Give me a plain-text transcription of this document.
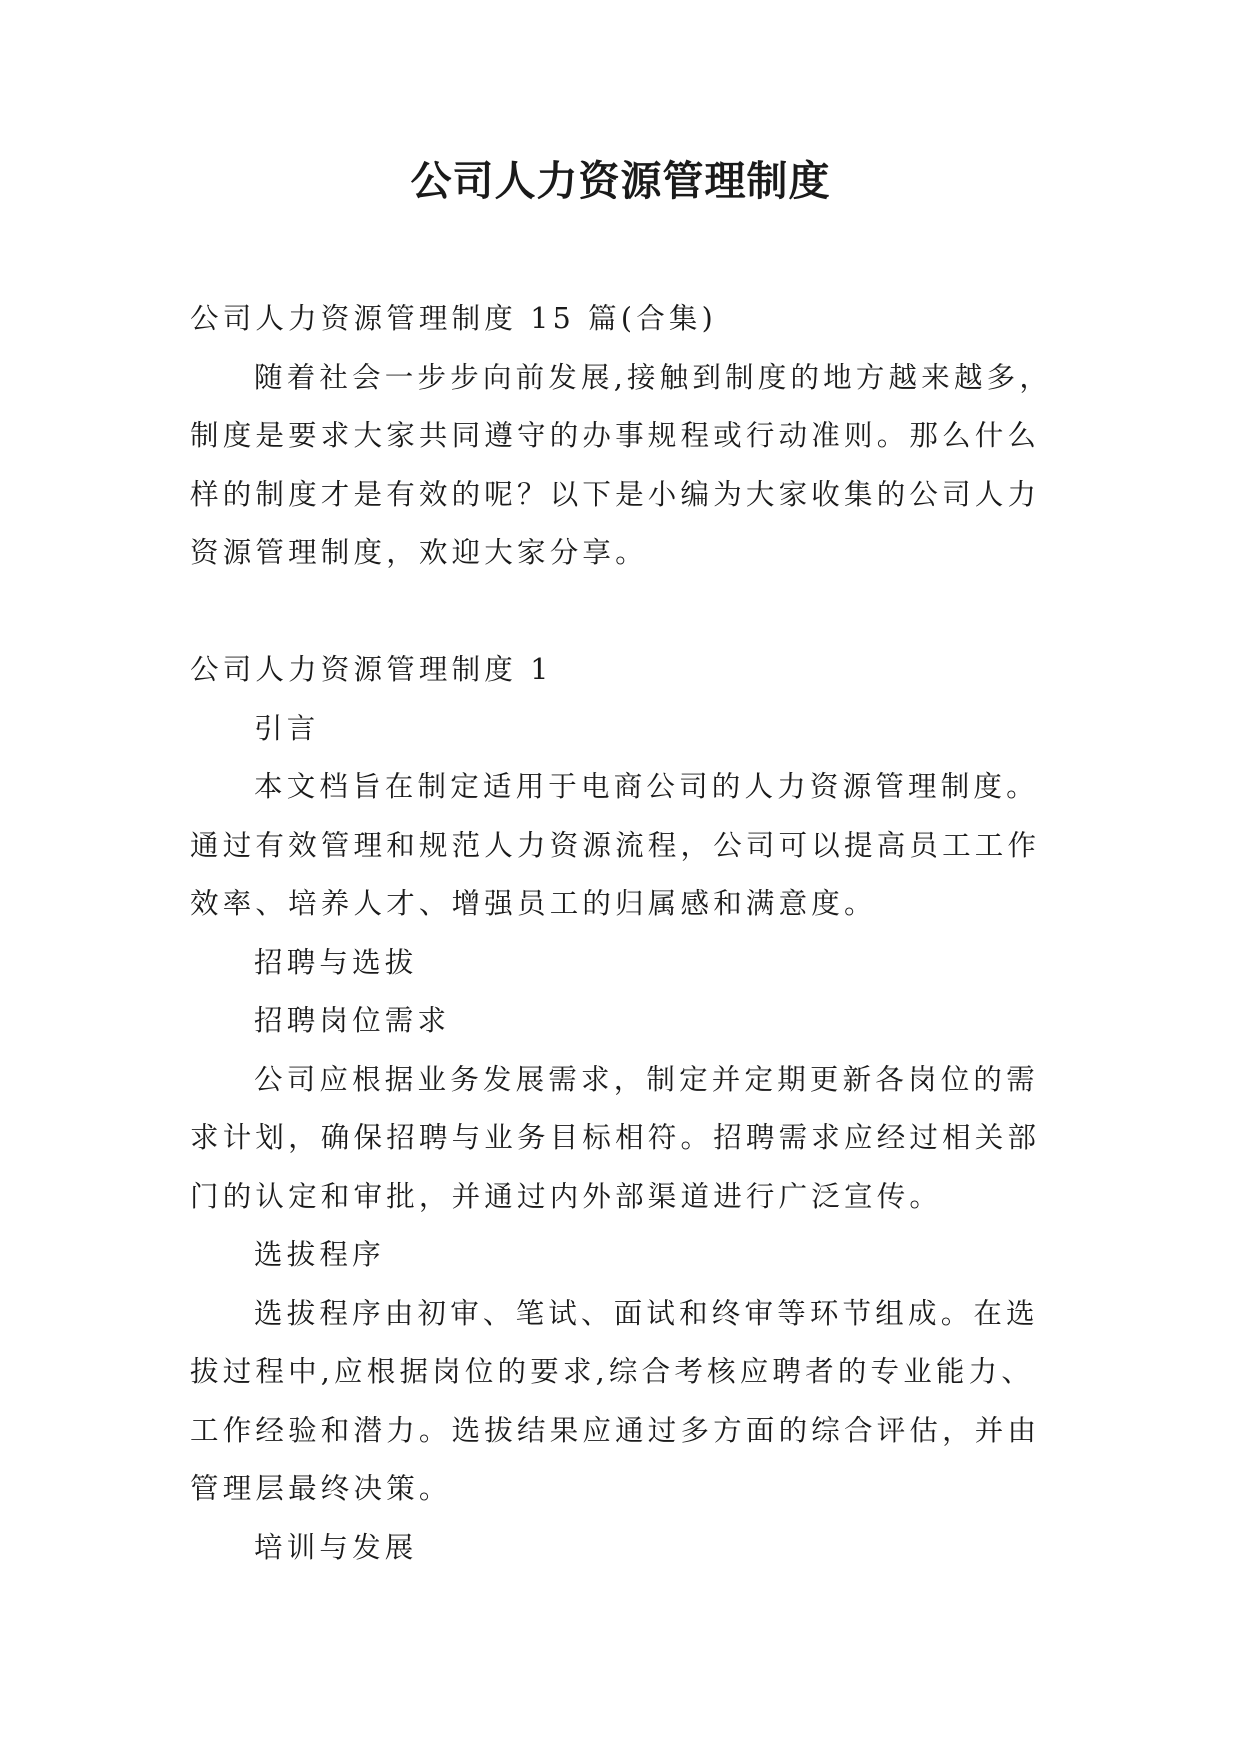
公司人力资源管理制度

公司人力资源管理制度 15 篇(合集)

随着社会一步步向前发展,接触到制度的地方越来越多，制度是要求大家共同遵守的办事规程或行动准则。那么什么样的制度才是有效的呢？以下是小编为大家收集的公司人力资源管理制度，欢迎大家分享。

公司人力资源管理制度 1

引言

本文档旨在制定适用于电商公司的人力资源管理制度。通过有效管理和规范人力资源流程，公司可以提高员工工作效率、培养人才、增强员工的归属感和满意度。

招聘与选拔

招聘岗位需求

公司应根据业务发展需求，制定并定期更新各岗位的需求计划，确保招聘与业务目标相符。招聘需求应经过相关部门的认定和审批，并通过内外部渠道进行广泛宣传。

选拔程序

选拔程序由初审、笔试、面试和终审等环节组成。在选拔过程中,应根据岗位的要求,综合考核应聘者的专业能力、工作经验和潜力。选拔结果应通过多方面的综合评估，并由管理层最终决策。

培训与发展
